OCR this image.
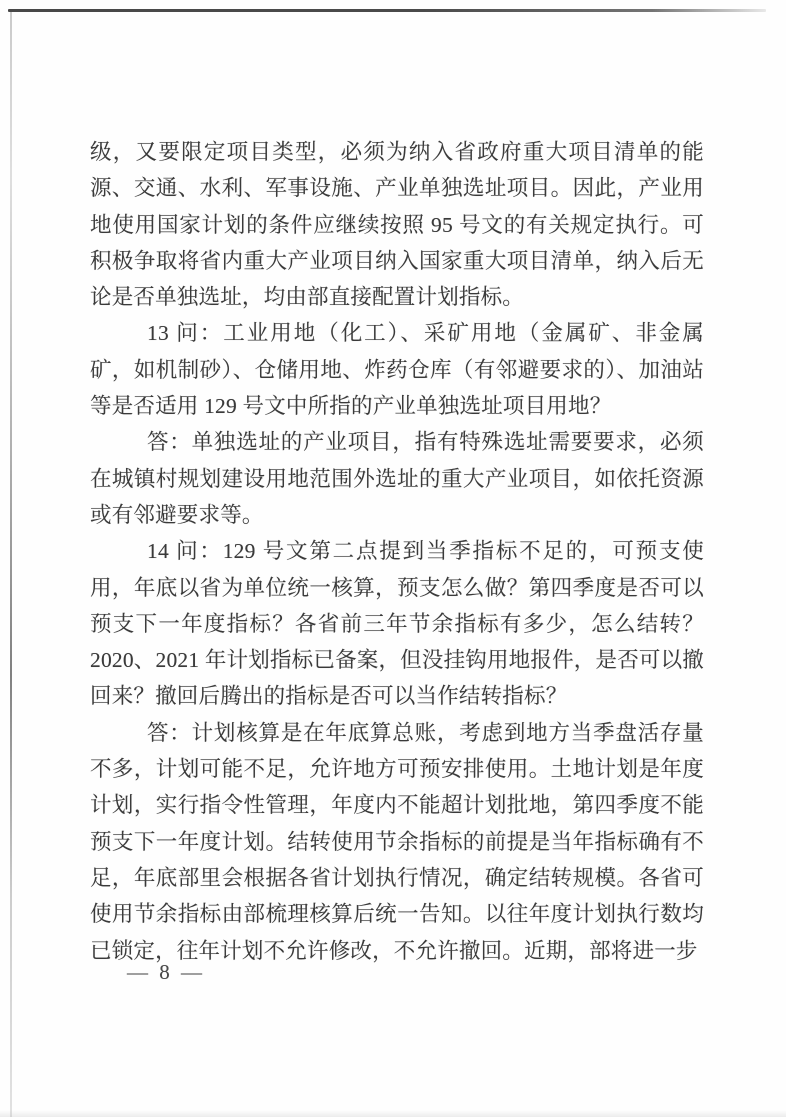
级，又要限定项目类型，必须为纳入省政府重大项目清单的能源、交通、水利、军事设施、产业单独选址项目。因此，产业用地使用国家计划的条件应继续按照 95 号文的有关规定执行。可积极争取将省内重大产业项目纳入国家重大项目清单，纳入后无论是否单独选址，均由部直接配置计划指标。

13 问：工业用地（化工）、采矿用地（金属矿、非金属矿，如机制砂）、仓储用地、炸药仓库（有邻避要求的）、加油站等是否适用 129 号文中所指的产业单独选址项目用地？

答：单独选址的产业项目，指有特殊选址需要要求，必须在城镇村规划建设用地范围外选址的重大产业项目，如依托资源或有邻避要求等。

14 问：129 号文第二点提到当季指标不足的，可预支使用，年底以省为单位统一核算，预支怎么做？第四季度是否可以预支下一年度指标？各省前三年节余指标有多少，怎么结转？2020、2021 年计划指标已备案，但没挂钩用地报件，是否可以撤回来？撤回后腾出的指标是否可以当作结转指标？

答：计划核算是在年底算总账，考虑到地方当季盘活存量不多，计划可能不足，允许地方可预安排使用。土地计划是年度计划，实行指令性管理，年度内不能超计划批地，第四季度不能预支下一年度计划。结转使用节余指标的前提是当年指标确有不足，年底部里会根据各省计划执行情况，确定结转规模。各省可使用节余指标由部梳理核算后统一告知。以往年度计划执行数均已锁定，往年计划不允许修改，不允许撤回。近期，部将进一步

— 8 —
